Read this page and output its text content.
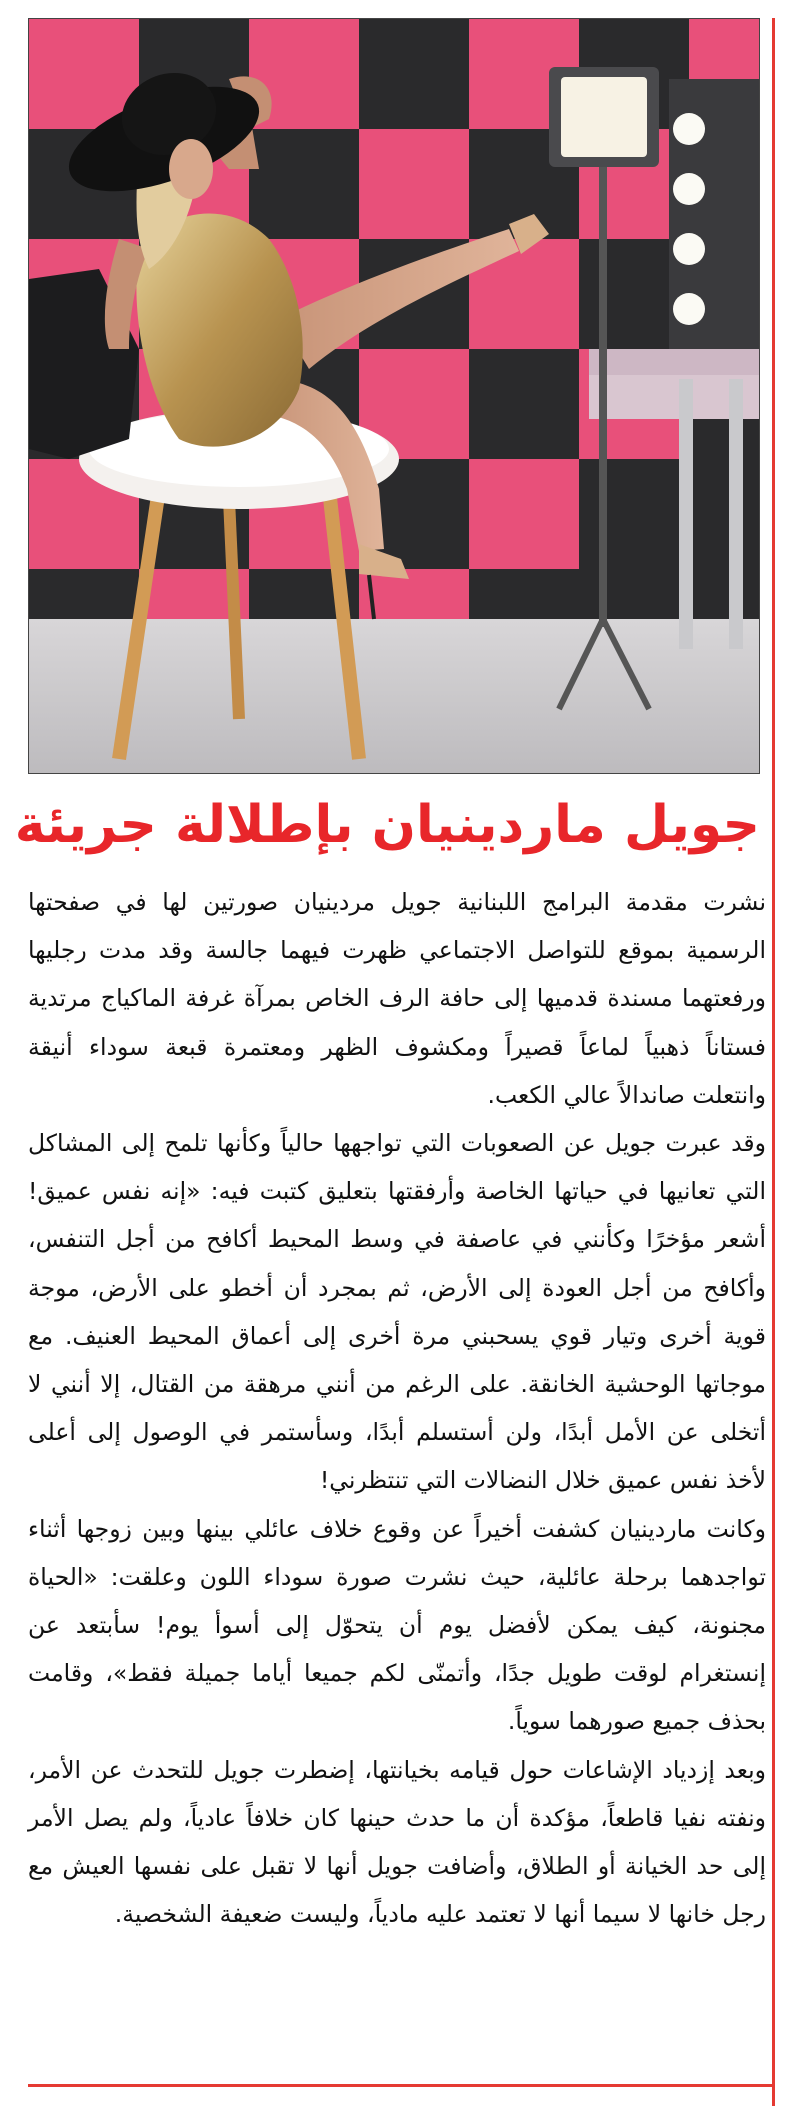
جويل ماردينيان بإطلالة جريئة

نشرت مقدمة البرامج اللبنانية جويل مردينيان صورتين لها في صفحتها الرسمية بموقع للتواصل الاجتماعي ظهرت فيهما جالسة وقد مدت رجليها ورفعتهما مسندة قدميها إلى حافة الرف الخاص بمرآة غرفة الماكياج مرتدية فستاناً ذهبياً لماعاً قصيراً ومكشوف الظهر ومعتمرة قبعة سوداء أنيقة وانتعلت صاندالاً عالي الكعب.

وقد عبرت جويل عن الصعوبات التي تواجهها حالياً وكأنها تلمح إلى المشاكل التي تعانيها في حياتها الخاصة وأرفقتها بتعليق كتبت فيه: «إنه نفس عميق! أشعر مؤخرًا وكأنني في عاصفة في وسط المحيط أكافح من أجل التنفس، وأكافح من أجل العودة إلى الأرض، ثم بمجرد أن أخطو على الأرض، موجة قوية أخرى وتيار قوي يسحبني مرة أخرى إلى أعماق المحيط العنيف. مع موجاتها الوحشية الخانقة. على الرغم من أنني مرهقة من القتال، إلا أنني لا أتخلى عن الأمل أبدًا، ولن أستسلم أبدًا، وسأستمر في الوصول إلى أعلى لأخذ نفس عميق خلال النضالات التي تنتظرني!

وكانت ماردينيان كشفت أخيراً عن وقوع خلاف عائلي بينها وبين زوجها أثناء تواجدهما برحلة عائلية، حيث نشرت صورة سوداء اللون وعلقت: «الحياة مجنونة، كيف يمكن لأفضل يوم أن يتحوّل إلى أسوأ يوم! سأبتعد عن إنستغرام لوقت طويل جدًا، وأتمنّى لكم جميعا أياما جميلة فقط»، وقامت بحذف جميع صورهما سوياً.

وبعد إزدياد الإشاعات حول قيامه بخيانتها، إضطرت جويل للتحدث عن الأمر، ونفته نفيا قاطعاً، مؤكدة أن ما حدث حينها كان خلافاً عادياً، ولم يصل الأمر إلى حد الخيانة أو الطلاق، وأضافت جويل أنها لا تقبل على نفسها العيش مع رجل خانها لا سيما أنها لا تعتمد عليه مادياً، وليست ضعيفة الشخصية.
